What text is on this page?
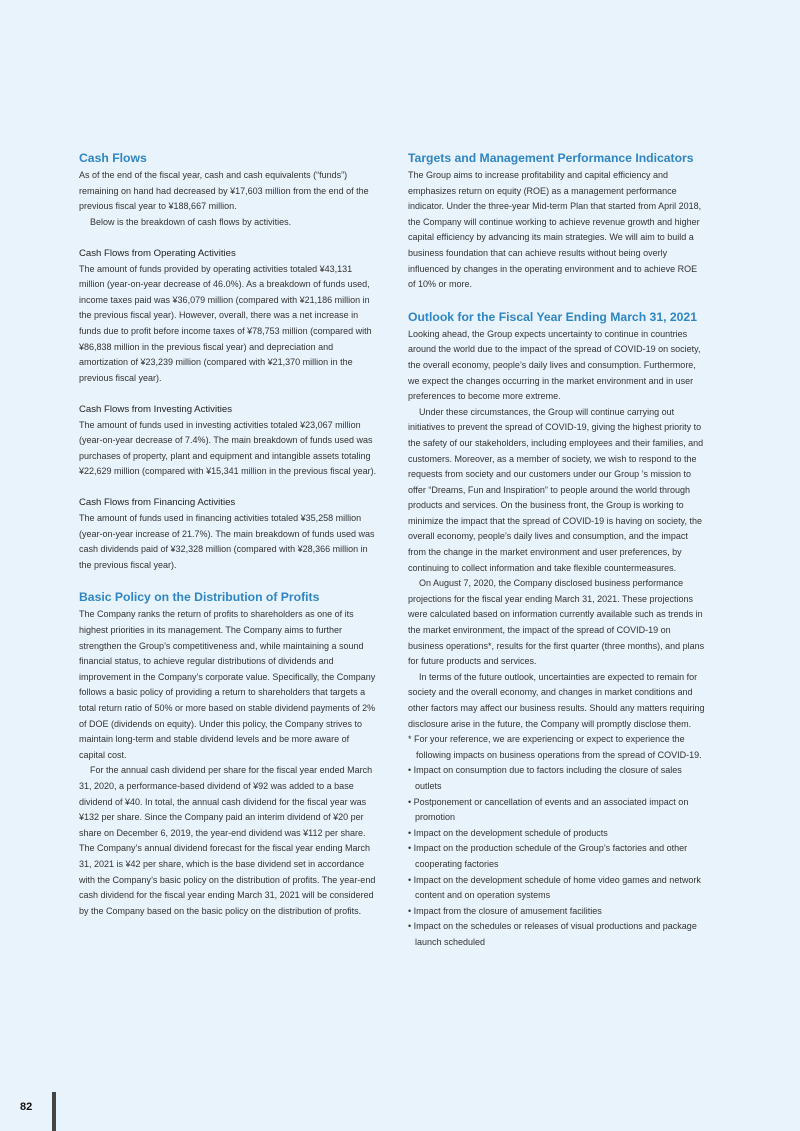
Cash Flows

As of the end of the fiscal year, cash and cash equivalents (“funds”) remaining on hand had decreased by ¥17,603 million from the end of the previous fiscal year to ¥188,667 million.

Below is the breakdown of cash flows by activities.

Cash Flows from Operating Activities

The amount of funds provided by operating activities totaled ¥43,131 million (year-on-year decrease of 46.0%). As a breakdown of funds used, income taxes paid was ¥36,079 million (compared with ¥21,186 million in the previous fiscal year). However, overall, there was a net increase in funds due to profit before income taxes of ¥78,753 million (compared with ¥86,838 million in the previous fiscal year) and depreciation and amortization of ¥23,239 million (compared with ¥21,370 million in the previous fiscal year).

Cash Flows from Investing Activities

The amount of funds used in investing activities totaled ¥23,067 million (year-on-year decrease of 7.4%). The main breakdown of funds used was purchases of property, plant and equipment and intangible assets totaling ¥22,629 million (compared with ¥15,341 million in the previous fiscal year).

Cash Flows from Financing Activities

The amount of funds used in financing activities totaled ¥35,258 million (year-on-year increase of 21.7%). The main breakdown of funds used was cash dividends paid of ¥32,328 million (compared with ¥28,366 million in the previous fiscal year).

Basic Policy on the Distribution of Profits

The Company ranks the return of profits to shareholders as one of its highest priorities in its management. The Company aims to further strengthen the Group’s competitiveness and, while maintaining a sound financial status, to achieve regular distributions of dividends and improvement in the Company’s corporate value. Specifically, the Company follows a basic policy of providing a return to shareholders that targets a total return ratio of 50% or more based on stable dividend payments of 2% of DOE (dividends on equity). Under this policy, the Company strives to maintain long-term and stable dividend levels and be more aware of capital cost.

For the annual cash dividend per share for the fiscal year ended March 31, 2020, a performance-based dividend of ¥92 was added to a base dividend of ¥40. In total, the annual cash dividend for the fiscal year was ¥132 per share. Since the Company paid an interim dividend of ¥20 per share on December 6, 2019, the year-end dividend was ¥112 per share. The Company’s annual dividend forecast for the fiscal year ending March 31, 2021 is ¥42 per share, which is the base dividend set in accordance with the Company’s basic policy on the distribution of profits. The year-end cash dividend for the fiscal year ending March 31, 2021 will be considered by the Company based on the basic policy on the distribution of profits.

Targets and Management Performance Indicators

The Group aims to increase profitability and capital efficiency and emphasizes return on equity (ROE) as a management performance indicator. Under the three-year Mid-term Plan that started from April 2018, the Company will continue working to achieve revenue growth and higher capital efficiency by advancing its main strategies. We will aim to build a business foundation that can achieve results without being overly influenced by changes in the operating environment and to achieve ROE of 10% or more.

Outlook for the Fiscal Year Ending March 31, 2021

Looking ahead, the Group expects uncertainty to continue in countries around the world due to the impact of the spread of COVID-19 on society, the overall economy, people’s daily lives and consumption. Furthermore, we expect the changes occurring in the market environment and in user preferences to become more extreme.

Under these circumstances, the Group will continue carrying out initiatives to prevent the spread of COVID-19, giving the highest priority to the safety of our stakeholders, including employees and their families, and customers. Moreover, as a member of society, we wish to respond to the requests from society and our customers under our Group ’s mission to offer “Dreams, Fun and Inspiration” to people around the world through products and services. On the business front, the Group is working to minimize the impact that the spread of COVID-19 is having on society, the overall economy, people’s daily lives and consumption, and the impact from the change in the market environment and user preferences, by continuing to collect information and take flexible countermeasures.

On August 7, 2020, the Company disclosed business performance projections for the fiscal year ending March 31, 2021. These projections were calculated based on information currently available such as trends in the market environment, the impact of the spread of COVID-19 on business operations*, results for the first quarter (three months), and plans for future products and services.

In terms of the future outlook, uncertainties are expected to remain for society and the overall economy, and changes in market conditions and other factors may affect our business results. Should any matters requiring disclosure arise in the future, the Company will promptly disclose them.

* For your reference, we are experiencing or expect to experience the

following impacts on business operations from the spread of COVID-19.

• Impact on consumption due to factors including the closure of sales outlets
• Postponement or cancellation of events and an associated impact on promotion
• Impact on the development schedule of products
• Impact on the production schedule of the Group’s factories and other cooperating factories
• Impact on the development schedule of home video games and network content and on operation systems
• Impact from the closure of amusement facilities
• Impact on the schedules or releases of visual productions and package launch scheduled
82
